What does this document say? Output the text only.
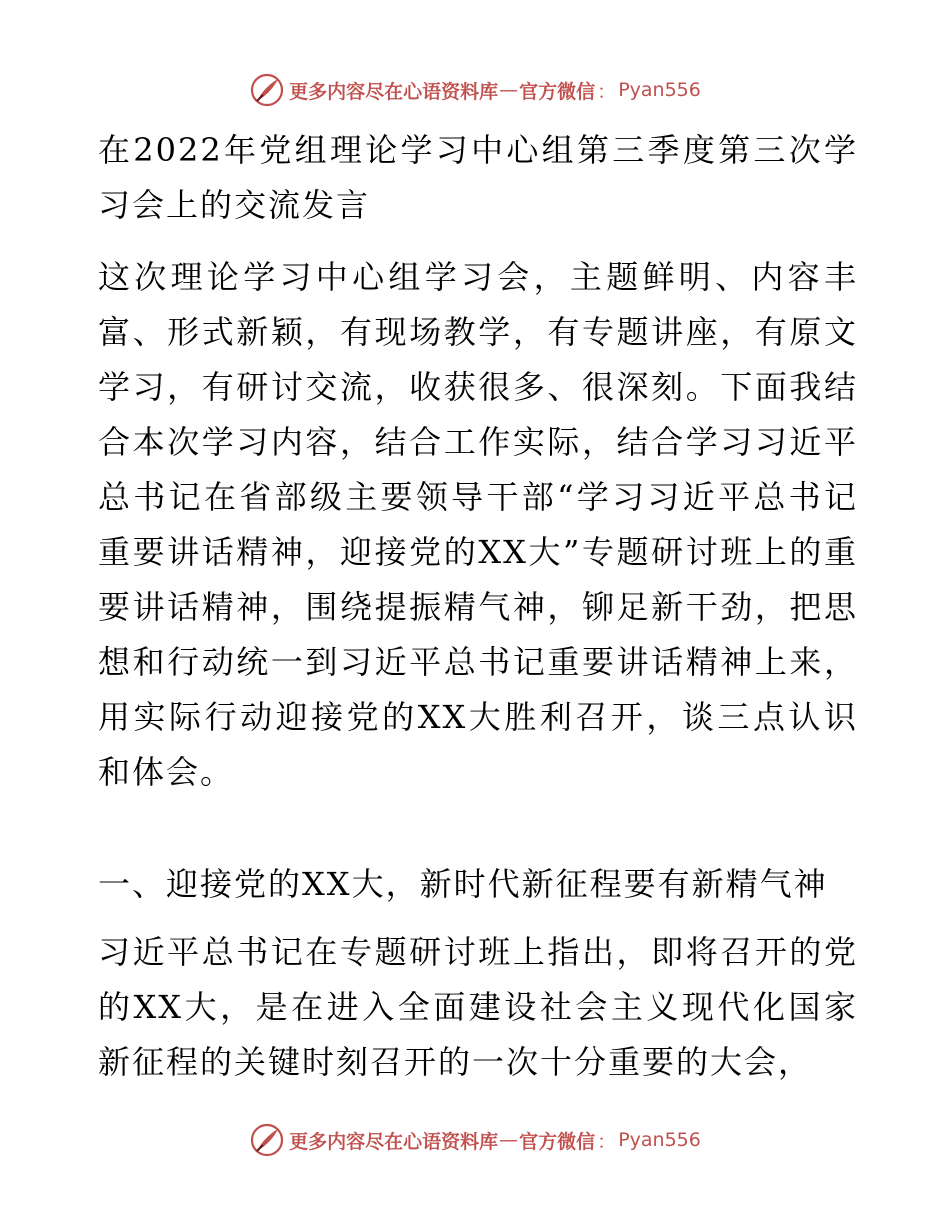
更多内容尽在心语资料库 — 官方微信 ： Pyan556

在2022年党组理论学习中心组第三季度第三次学习会上的交流发言

这次理论学习中心组学习会，主题鲜明、内容丰富、形式新颖，有现场教学，有专题讲座，有原文学习，有研讨交流，收获很多、很深刻。下面我结合本次学习内容，结合工作实际，结合学习习近平总书记在省部级主要领导干部“学习习近平总书记重要讲话精神，迎接党的XX大”专题研讨班上的重要讲话精神，围绕提振精气神，铆足新干劲，把思想和行动统一到习近平总书记重要讲话精神上来，用实际行动迎接党的XX大胜利召开，谈三点认识和体会。

一、迎接党的XX大，新时代新征程要有新精气神

习近平总书记在专题研讨班上指出，即将召开的党的XX大，是在进入全面建设社会主义现代化国家新征程的关键时刻召开的一次十分重要的大会，

更多内容尽在心语资料库 — 官方微信 ： Pyan556
